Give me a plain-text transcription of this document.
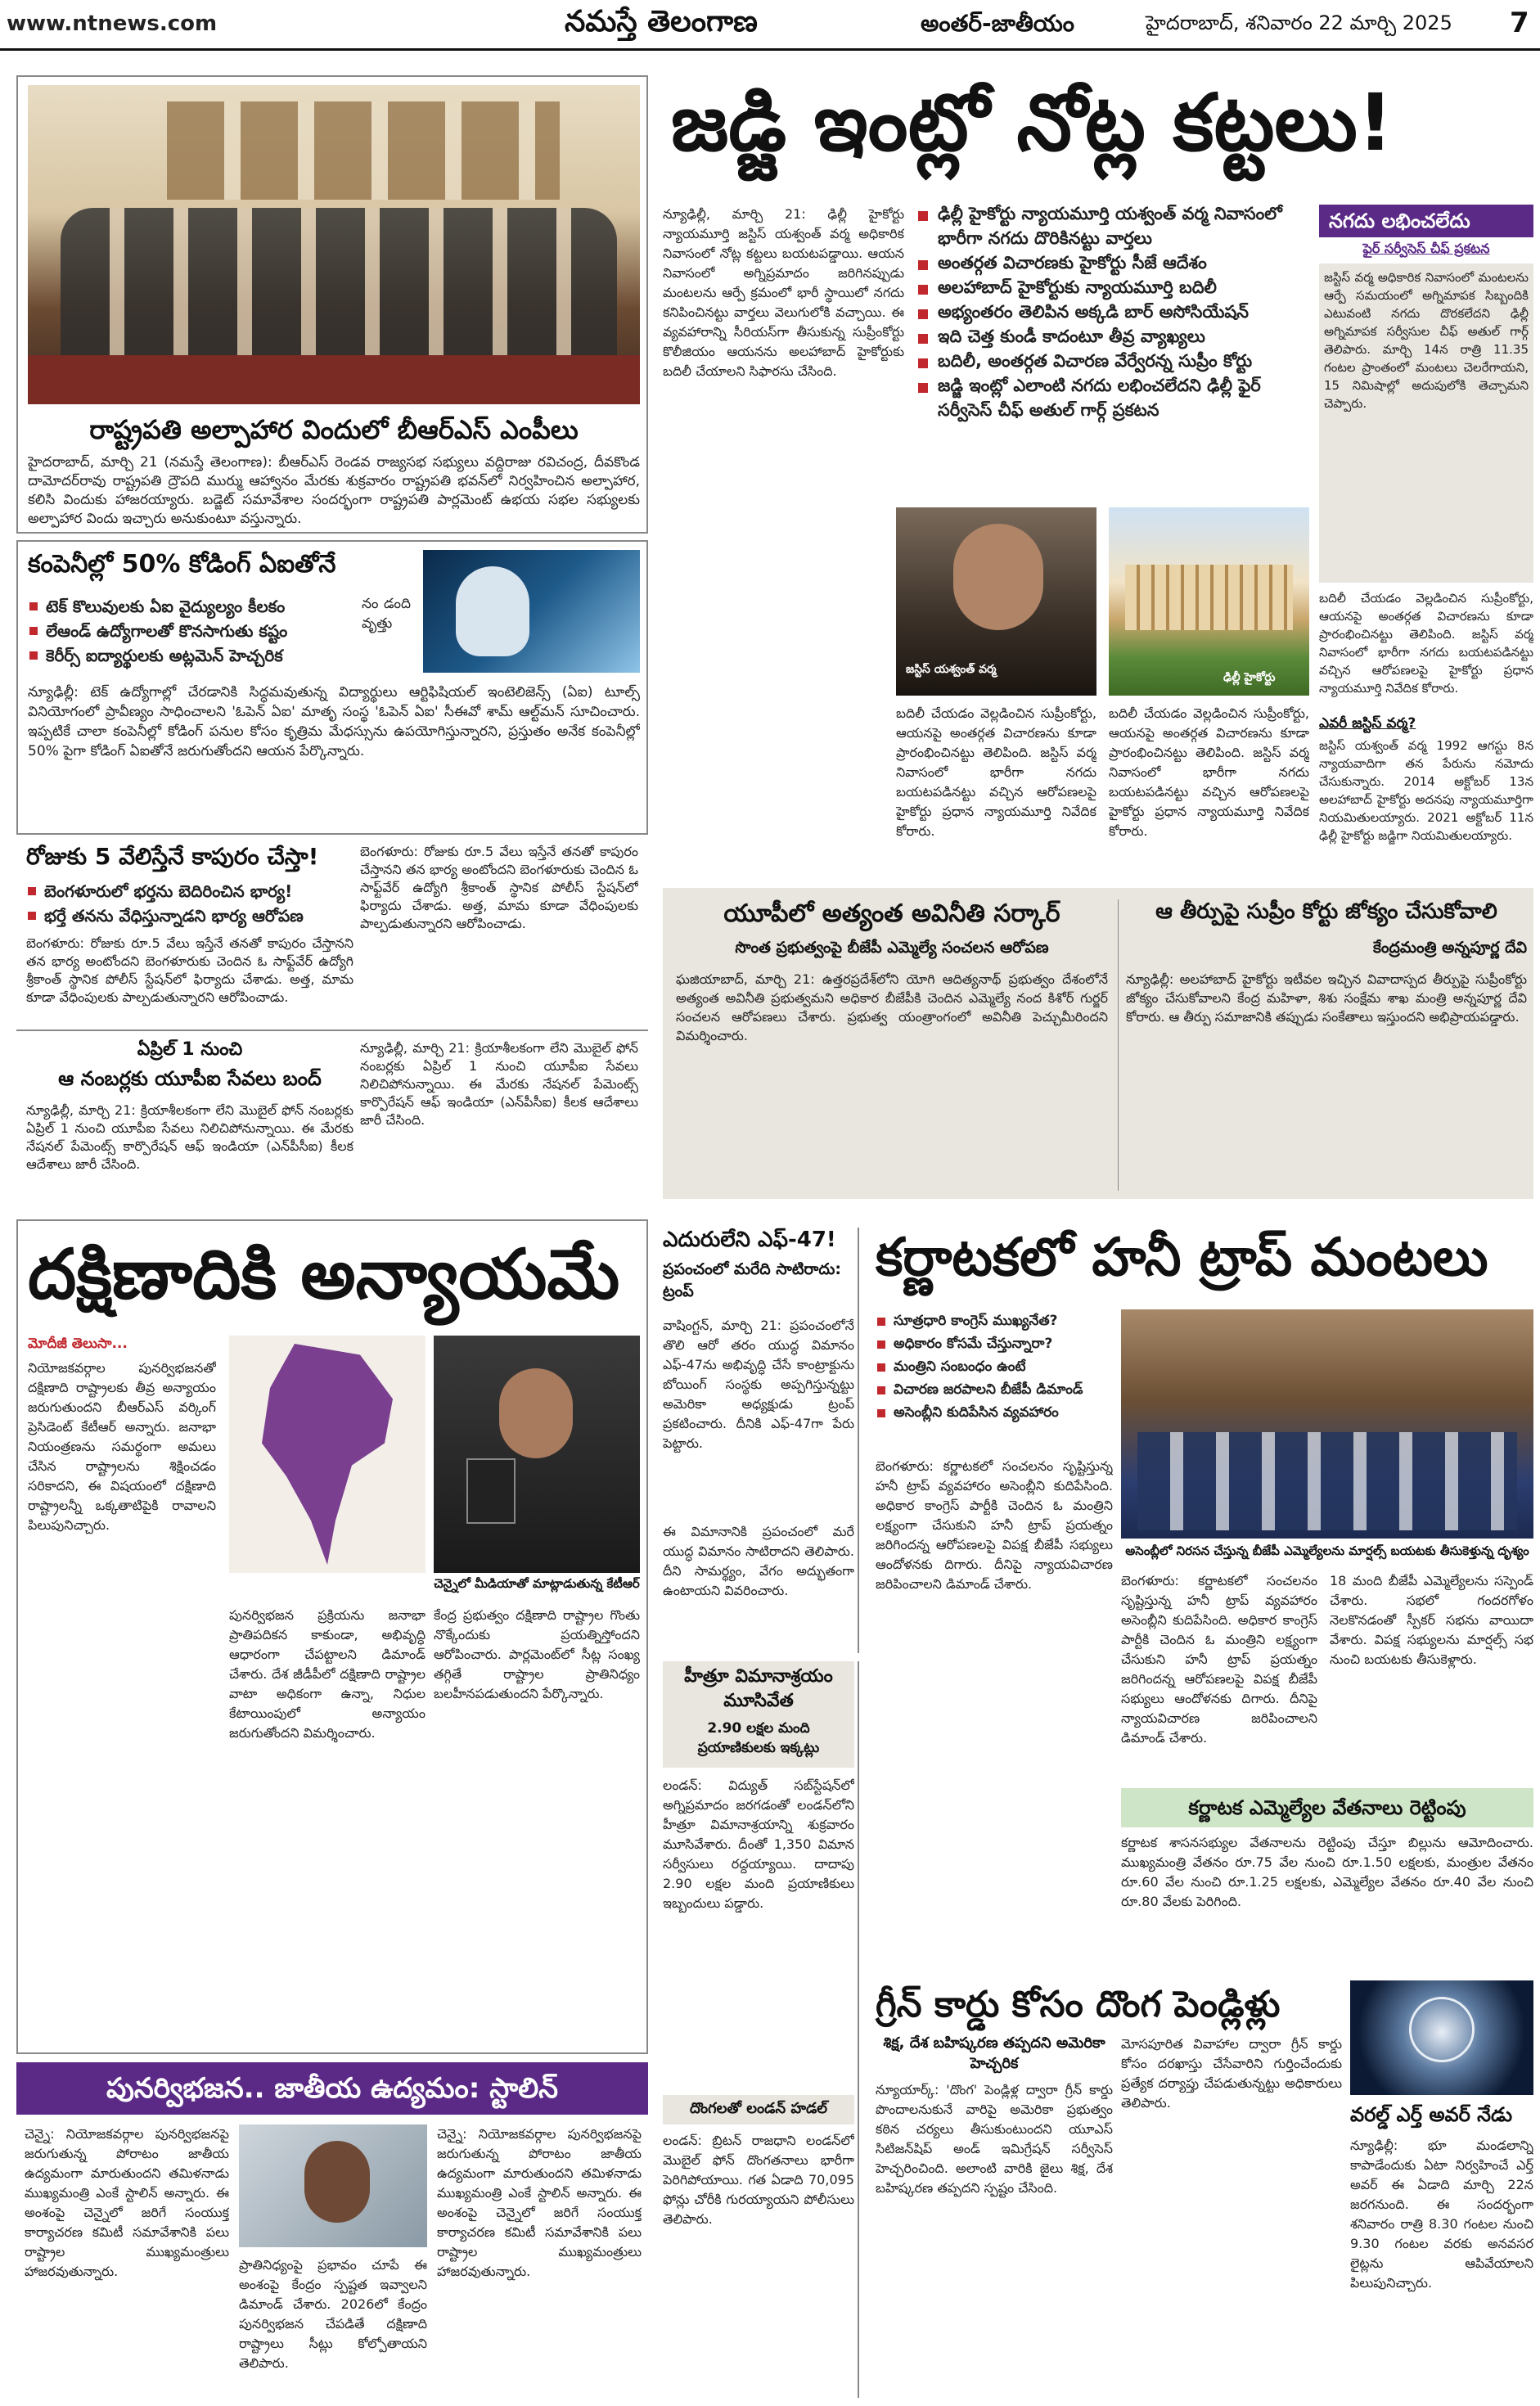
www.ntnews.com	నమస్తే తెలంగాణ	అంతర్-జాతీయం	హైదరాబాద్, శనివారం 22 మార్చి 2025 7
రాష్ట్రపతి అల్పాహార విందులో బీఆర్‌ఎస్ ఎంపీలు
హైదరాబాద్, మార్చి 21 (నమస్తే తెలంగాణ): బీఆర్‌ఎస్ రెండవ రాజ్యసభ సభ్యులు వద్దిరాజు రవిచంద్ర, దీవకొండ దామోదర్‌రావు రాష్ట్రపతి ద్రౌపది ముర్ము ఆహ్వానం మేరకు శుక్రవారం రాష్ట్రపతి భవన్‌లో నిర్వహించిన అల్పాహార, కలిసి విందుకు హాజరయ్యారు. బడ్జెట్ సమావేశాల సందర్భంగా రాష్ట్రపతి పార్లమెంట్ ఉభయ సభల సభ్యులకు అల్పాహార విందు ఇచ్చారు అనుకుంటూ వస్తున్నారు.
కంపెనీల్లో 50% కోడింగ్ ఏఐతోనే
టెక్ కొలువులకు ఏఐ వైద్యుల్యం కీలకం
లేఆండ్ ఉద్యోగాలతో కొనసాగుతు కష్టం
కెరీర్స్ ఐద్యార్థులకు అట్లమెన్ హెచ్చరిక
నం డంది వృత్తు
న్యూఢిల్లీ: టెక్ ఉద్యోగాల్లో చేరడానికి సిద్ధమవుతున్న విద్యార్థులు ఆర్టిఫిషియల్ ఇంటెలిజెన్స్ (ఏఐ) టూల్స్ వినియోగంలో ప్రావీణ్యం సాధించాలని 'ఓపెన్ ఏఐ' మాతృ సంస్థ 'ఓపెన్ ఏఐ' సీఈవో శామ్ ఆల్ట్‌మన్ సూచించారు. ఇప్పటికే చాలా కంపెనీల్లో కోడింగ్ పనుల కోసం కృత్రిమ మేధస్సును ఉపయోగిస్తున్నారని, ప్రస్తుతం అనేక కంపెనీల్లో 50% పైగా కోడింగ్ ఏఐతోనే జరుగుతోందని ఆయన పేర్కొన్నారు.
రోజుకు 5 వేలిస్తేనే కాపురం చేస్తా!
బెంగళూరులో భర్తను బెదిరించిన భార్య!
భర్తే తనను వేధిస్తున్నాడని భార్య ఆరోపణ
బెంగళూరు: రోజుకు రూ.5 వేలు ఇస్తేనే తనతో కాపురం చేస్తానని తన భార్య అంటోందని బెంగళూరుకు చెందిన ఓ సాఫ్ట్‌వేర్ ఉద్యోగి శ్రీకాంత్ స్థానిక పోలీస్ స్టేషన్‌లో ఫిర్యాదు చేశాడు. అత్త, మామ కూడా వేధింపులకు పాల్పడుతున్నారని ఆరోపించాడు.
బెంగళూరు: రోజుకు రూ.5 వేలు ఇస్తేనే తనతో కాపురం చేస్తానని తన భార్య అంటోందని బెంగళూరుకు చెందిన ఓ సాఫ్ట్‌వేర్ ఉద్యోగి శ్రీకాంత్ స్థానిక పోలీస్ స్టేషన్‌లో ఫిర్యాదు చేశాడు. అత్త, మామ కూడా వేధింపులకు పాల్పడుతున్నారని ఆరోపించాడు.
ఏప్రిల్ 1 నుంచి
ఆ నంబర్లకు యూపీఐ సేవలు బంద్
న్యూఢిల్లీ, మార్చి 21: క్రియాశీలకంగా లేని మొబైల్ ఫోన్ నంబర్లకు ఏప్రిల్ 1 నుంచి యూపీఐ సేవలు నిలిచిపోనున్నాయి. ఈ మేరకు నేషనల్ పేమెంట్స్ కార్పొరేషన్ ఆఫ్ ఇండియా (ఎన్‌పీసీఐ) కీలక ఆదేశాలు జారీ చేసింది.
న్యూఢిల్లీ, మార్చి 21: క్రియాశీలకంగా లేని మొబైల్ ఫోన్ నంబర్లకు ఏప్రిల్ 1 నుంచి యూపీఐ సేవలు నిలిచిపోనున్నాయి. ఈ మేరకు నేషనల్ పేమెంట్స్ కార్పొరేషన్ ఆఫ్ ఇండియా (ఎన్‌పీసీఐ) కీలక ఆదేశాలు జారీ చేసింది.
జడ్జి ఇంట్లో నోట్ల కట్టలు!
న్యూఢిల్లీ, మార్చి 21: ఢిల్లీ హైకోర్టు న్యాయమూర్తి జస్టిస్ యశ్వంత్ వర్మ అధికారిక నివాసంలో నోట్ల కట్టలు బయటపడ్డాయి. ఆయన నివాసంలో అగ్నిప్రమాదం జరిగినప్పుడు మంటలను ఆర్పే క్రమంలో భారీ స్థాయిలో నగదు కనిపించినట్టు వార్తలు వెలుగులోకి వచ్చాయి. ఈ వ్యవహారాన్ని సీరియస్‌గా తీసుకున్న సుప్రీంకోర్టు కొలీజియం ఆయనను అలహాబాద్ హైకోర్టుకు బదిలీ చేయాలని సిఫారసు చేసింది.
ఢిల్లీ హైకోర్టు న్యాయమూర్తి యశ్వంత్ వర్మ నివాసంలో భారీగా నగదు దొరికినట్టు వార్తలు
అంతర్గత విచారణకు హైకోర్టు సీజే ఆదేశం
అలహాబాద్ హైకోర్టుకు న్యాయమూర్తి బదిలీ
అభ్యంతరం తెలిపిన అక్కడి బార్ అసోసియేషన్
ఇది చెత్త కుండీ కాదంటూ తీవ్ర వ్యాఖ్యలు
బదిలీ, అంతర్గత విచారణ వేర్వేరన్న సుప్రీం కోర్టు
జడ్జి ఇంట్లో ఎలాంటి నగదు లభించలేదని ఢిల్లీ ఫైర్ సర్వీసెస్ చీఫ్ అతుల్ గార్గ్ ప్రకటన
జస్టిస్ యశ్వంత్ వర్మ
ఢిల్లీ హైకోర్టు
బదిలీ చేయడం వెల్లడించిన సుప్రీంకోర్టు, ఆయనపై అంతర్గత విచారణను కూడా ప్రారంభించినట్టు తెలిపింది. జస్టిస్ వర్మ నివాసంలో భారీగా నగదు బయటపడినట్టు వచ్చిన ఆరోపణలపై హైకోర్టు ప్రధాన న్యాయమూర్తి నివేదిక కోరారు.
బదిలీ చేయడం వెల్లడించిన సుప్రీంకోర్టు, ఆయనపై అంతర్గత విచారణను కూడా ప్రారంభించినట్టు తెలిపింది. జస్టిస్ వర్మ నివాసంలో భారీగా నగదు బయటపడినట్టు వచ్చిన ఆరోపణలపై హైకోర్టు ప్రధాన న్యాయమూర్తి నివేదిక కోరారు.
నగదు లభించలేదు
ఫైర్ సర్వీసెస్ చీఫ్ ప్రకటన
జస్టిస్ వర్మ అధికారిక నివాసంలో మంటలను ఆర్పే సమయంలో అగ్నిమాపక సిబ్బందికి ఎటువంటి నగదు దొరకలేదని ఢిల్లీ అగ్నిమాపక సర్వీసుల చీఫ్ అతుల్ గార్గ్ తెలిపారు. మార్చి 14న రాత్రి 11.35 గంటల ప్రాంతంలో మంటలు చెలరేగాయని, 15 నిమిషాల్లో అదుపులోకి తెచ్చామని చెప్పారు.
బదిలీ చేయడం వెల్లడించిన సుప్రీంకోర్టు, ఆయనపై అంతర్గత విచారణను కూడా ప్రారంభించినట్టు తెలిపింది. జస్టిస్ వర్మ నివాసంలో భారీగా నగదు బయటపడినట్టు వచ్చిన ఆరోపణలపై హైకోర్టు ప్రధాన న్యాయమూర్తి నివేదిక కోరారు.
ఎవరీ జస్టిస్ వర్మ?
జస్టిస్ యశ్వంత్ వర్మ 1992 ఆగస్టు 8న న్యాయవాదిగా తన పేరును నమోదు చేసుకున్నారు. 2014 అక్టోబర్ 13న అలహాబాద్ హైకోర్టు అదనపు న్యాయమూర్తిగా నియమితులయ్యారు. 2021 అక్టోబర్ 11న ఢిల్లీ హైకోర్టు జడ్జిగా నియమితులయ్యారు.
యూపీలో అత్యంత అవినీతి సర్కార్
సొంత ప్రభుత్వంపై బీజేపీ ఎమ్మెల్యే సంచలన ఆరోపణ
ఘజియాబాద్, మార్చి 21: ఉత్తరప్రదేశ్‌లోని యోగి ఆదిత్యనాథ్ ప్రభుత్వం దేశంలోనే అత్యంత అవినీతి ప్రభుత్వమని అధికార బీజేపీకి చెందిన ఎమ్మెల్యే నంద కిశోర్ గుర్జర్ సంచలన ఆరోపణలు చేశారు. ప్రభుత్వ యంత్రాంగంలో అవినీతి పెచ్చుమీరిందని విమర్శించారు.
ఆ తీర్పుపై సుప్రీం కోర్టు జోక్యం చేసుకోవాలి
కేంద్రమంత్రి అన్నపూర్ణ దేవి
న్యూఢిల్లీ: అలహాబాద్ హైకోర్టు ఇటీవల ఇచ్చిన వివాదాస్పద తీర్పుపై సుప్రీంకోర్టు జోక్యం చేసుకోవాలని కేంద్ర మహిళా, శిశు సంక్షేమ శాఖ మంత్రి అన్నపూర్ణ దేవి కోరారు. ఆ తీర్పు సమాజానికి తప్పుడు సంకేతాలు ఇస్తుందని అభిప్రాయపడ్డారు.
దక్షిణాదికి అన్యాయమే
మోదీజీ తెలుసా...
నియోజకవర్గాల పునర్విభజనతో దక్షిణాది రాష్ట్రాలకు తీవ్ర అన్యాయం జరుగుతుందని బీఆర్‌ఎస్ వర్కింగ్ ప్రెసిడెంట్ కేటీఆర్ అన్నారు. జనాభా నియంత్రణను సమర్థంగా అమలు చేసిన రాష్ట్రాలను శిక్షించడం సరికాదని, ఈ విషయంలో దక్షిణాది రాష్ట్రాలన్నీ ఒక్కతాటిపైకి రావాలని పిలుపునిచ్చారు.
చెన్నైలో మీడియాతో మాట్లాడుతున్న కేటీఆర్
పునర్విభజన ప్రక్రియను జనాభా ప్రాతిపదికన కాకుండా, అభివృద్ధి ఆధారంగా చేపట్టాలని డిమాండ్ చేశారు. దేశ జీడీపీలో దక్షిణాది రాష్ట్రాల వాటా అధికంగా ఉన్నా, నిధుల కేటాయింపులో అన్యాయం జరుగుతోందని విమర్శించారు.
కేంద్ర ప్రభుత్వం దక్షిణాది రాష్ట్రాల గొంతు నొక్కేందుకు ప్రయత్నిస్తోందని ఆరోపించారు. పార్లమెంట్‌లో సీట్ల సంఖ్య తగ్గితే రాష్ట్రాల ప్రాతినిధ్యం బలహీనపడుతుందని పేర్కొన్నారు.
పునర్విభజన.. జాతీయ ఉద్యమం: స్టాలిన్
చెన్నై: నియోజకవర్గాల పునర్విభజనపై జరుగుతున్న పోరాటం జాతీయ ఉద్యమంగా మారుతుందని తమిళనాడు ముఖ్యమంత్రి ఎంకే స్టాలిన్ అన్నారు. ఈ అంశంపై చెన్నైలో జరిగే సంయుక్త కార్యాచరణ కమిటీ సమావేశానికి పలు రాష్ట్రాల ముఖ్యమంత్రులు హాజరవుతున్నారు.	ప్రాతినిధ్యంపై ప్రభావం చూపే ఈ అంశంపై కేంద్రం స్పష్టత ఇవ్వాలని డిమాండ్ చేశారు. 2026లో కేంద్రం పునర్విభజన చేపడితే దక్షిణాది రాష్ట్రాలు సీట్లు కోల్పోతాయని తెలిపారు.
చెన్నై: నియోజకవర్గాల పునర్విభజనపై జరుగుతున్న పోరాటం జాతీయ ఉద్యమంగా మారుతుందని తమిళనాడు ముఖ్యమంత్రి ఎంకే స్టాలిన్ అన్నారు. ఈ అంశంపై చెన్నైలో జరిగే సంయుక్త కార్యాచరణ కమిటీ సమావేశానికి పలు రాష్ట్రాల ముఖ్యమంత్రులు హాజరవుతున్నారు.
ఎదురులేని ఎఫ్-47!
ప్రపంచంలో మరేది సాటిరాదు: ట్రంప్
వాషింగ్టన్, మార్చి 21: ప్రపంచంలోనే తొలి ఆరో తరం యుద్ధ విమానం ఎఫ్-47ను అభివృద్ధి చేసే కాంట్రాక్టును బోయింగ్ సంస్థకు అప్పగిస్తున్నట్టు అమెరికా అధ్యక్షుడు ట్రంప్ ప్రకటించారు. దీనికి ఎఫ్-47గా పేరు పెట్టారు.
ఈ విమానానికి ప్రపంచంలో మరే యుద్ధ విమానం సాటిరాదని తెలిపారు. దీని సామర్థ్యం, వేగం అద్భుతంగా ఉంటాయని వివరించారు.
హీత్రూ విమానాశ్రయం మూసివేత
2.90 లక్షల మంది ప్రయాణికులకు ఇక్కట్లు
లండన్: విద్యుత్ సబ్‌స్టేషన్‌లో అగ్నిప్రమాదం జరగడంతో లండన్‌లోని హీత్రూ విమానాశ్రయాన్ని శుక్రవారం మూసివేశారు. దీంతో 1,350 విమాన సర్వీసులు రద్దయ్యాయి. దాదాపు 2.90 లక్షల మంది ప్రయాణికులు ఇబ్బందులు పడ్డారు.
దొంగలతో లండన్ హడల్
లండన్: బ్రిటన్ రాజధాని లండన్‌లో మొబైల్ ఫోన్ దొంగతనాలు భారీగా పెరిగిపోయాయి. గత ఏడాది 70,095 ఫోన్లు చోరీకి గురయ్యాయని పోలీసులు తెలిపారు.
కర్ణాటకలో హనీ ట్రాప్ మంటలు
సూత్రధారి కాంగ్రెస్ ముఖ్యనేత?
అధికారం కోసమే చేస్తున్నారా?
మంత్రిని సంబంధం ఉంటే
విచారణ జరపాలని బీజేపీ డిమాండ్
అసెంబ్లీని కుదిపేసిన వ్యవహారం
అసెంబ్లీలో నిరసన చేస్తున్న బీజేపీ ఎమ్మెల్యేలను మార్షల్స్ బయటకు తీసుకెళ్తున్న దృశ్యం
బెంగళూరు: కర్ణాటకలో సంచలనం సృష్టిస్తున్న హనీ ట్రాప్ వ్యవహారం అసెంబ్లీని కుదిపేసింది. అధికార కాంగ్రెస్ పార్టీకి చెందిన ఓ మంత్రిని లక్ష్యంగా చేసుకుని హనీ ట్రాప్ ప్రయత్నం జరిగిందన్న ఆరోపణలపై విపక్ష బీజేపీ సభ్యులు ఆందోళనకు దిగారు. దీనిపై న్యాయవిచారణ జరిపించాలని డిమాండ్ చేశారు.	బెంగళూరు: కర్ణాటకలో సంచలనం సృష్టిస్తున్న హనీ ట్రాప్ వ్యవహారం అసెంబ్లీని కుదిపేసింది. అధికార కాంగ్రెస్ పార్టీకి చెందిన ఓ మంత్రిని లక్ష్యంగా చేసుకుని హనీ ట్రాప్ ప్రయత్నం జరిగిందన్న ఆరోపణలపై విపక్ష బీజేపీ సభ్యులు ఆందోళనకు దిగారు. దీనిపై న్యాయవిచారణ జరిపించాలని డిమాండ్ చేశారు.
18 మంది బీజేపీ ఎమ్మెల్యేలను సస్పెండ్ చేశారు. సభలో గందరగోళం నెలకొనడంతో స్పీకర్ సభను వాయిదా వేశారు. విపక్ష సభ్యులను మార్షల్స్ సభ నుంచి బయటకు తీసుకెళ్లారు.
కర్ణాటక ఎమ్మెల్యేల వేతనాలు రెట్టింపు
కర్ణాటక శాసనసభ్యుల వేతనాలను రెట్టింపు చేస్తూ బిల్లును ఆమోదించారు. ముఖ్యమంత్రి వేతనం రూ.75 వేల నుంచి రూ.1.50 లక్షలకు, మంత్రుల వేతనం రూ.60 వేల నుంచి రూ.1.25 లక్షలకు, ఎమ్మెల్యేల వేతనం రూ.40 వేల నుంచి రూ.80 వేలకు పెరిగింది.
గ్రీన్ కార్డు కోసం దొంగ పెండ్లిళ్లు
శిక్ష, దేశ బహిష్కరణ తప్పదని అమెరికా హెచ్చరిక
న్యూయార్క్: 'దొంగ' పెండ్లిళ్ల ద్వారా గ్రీన్ కార్డు పొందాలనుకునే వారిపై అమెరికా ప్రభుత్వం కఠిన చర్యలు తీసుకుంటుందని యూఎస్ సిటిజన్‌షిప్ అండ్ ఇమిగ్రేషన్ సర్వీసెస్ హెచ్చరించింది. అలాంటి వారికి జైలు శిక్ష, దేశ బహిష్కరణ తప్పదని స్పష్టం చేసింది.
మోసపూరిత వివాహాల ద్వారా గ్రీన్ కార్డు కోసం దరఖాస్తు చేసేవారిని గుర్తించేందుకు ప్రత్యేక దర్యాప్తు చేపడుతున్నట్టు అధికారులు తెలిపారు.
వరల్డ్ ఎర్త్ అవర్ నేడు
న్యూఢిల్లీ: భూ మండలాన్ని కాపాడేందుకు ఏటా నిర్వహించే ఎర్త్ అవర్ ఈ ఏడాది మార్చి 22న జరగనుంది. ఈ సందర్భంగా శనివారం రాత్రి 8.30 గంటల నుంచి 9.30 గంటల వరకు అనవసర లైట్లను ఆపివేయాలని పిలుపునిచ్చారు.
